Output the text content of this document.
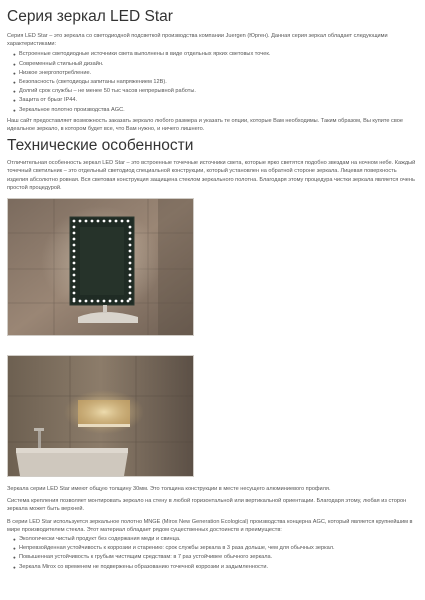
Серия зеркал LED Star

Серия LED Star – это зеркала со светодиодной подсветкой производства компании Juergen (Юрген). Данная серия зеркал обладает следующими характеристиками:

● Встроенные светодиодные источники света выполнены в виде отдельных ярких световых точек.
● Современный стильный дизайн.
● Низкое энергопотребление.
● Безопасность (светодиоды запитаны напряжением 12В).
● Долгий срок службы – не менее 50 тыс часов непрерывной работы.
● Защита от брызг IP44.
● Зеркальное полотно производства AGC.

Наш сайт предоставляет возможность заказать зеркало любого размера и указать те опции, которые Вам необходимы. Таким образом, Вы купите свое идеальное зеркало, в котором будет все, что Вам нужно, и ничего лишнего.

Технические особенности

Отличительная особенность зеркал LED Star – это встроенные точечные источники света, которые ярко светятся подобно звездам на ночном небе. Каждый точечный светильник – это отдельный светодиод специальной конструкции, который установлен на обратной стороне зеркала. Лицевая поверхность изделия абсолютно ровная. Вся световая конструкция защищена стеклом зеркального полотна. Благодаря этому процедура чистки зеркала является очень простой процедурой.

Зеркала серии LED Star имеют общую толщину 30мм. Это толщина конструкции в месте несущего алюминиевого профиля.

Система крепления позволяет монтировать зеркало на стену в любой горизонтальной или вертикальной ориентации. Благодаря этому, любая из сторон зеркала может быть верхней.

В серии LED Star используется зеркальное полотно MNGE (Mirox New Generation Ecological) производства концерна AGC, который является крупнейшим в мире производителем стекла. Этот материал обладает рядом существенных достоинств и преимуществ:

● Экологически чистый продукт без содержания меди и свинца.
● Непревзойденная устойчивость к коррозии и старению: срок службы зеркала в 3 раза дольше, чем для обычных зеркал.
● Повышенная устойчивость к грубым чистящим средствам: в 7 раз устойчивее обычного зеркала.
● Зеркала Mirox со временем не подвержены образованию точечной коррозии и задымленности.
